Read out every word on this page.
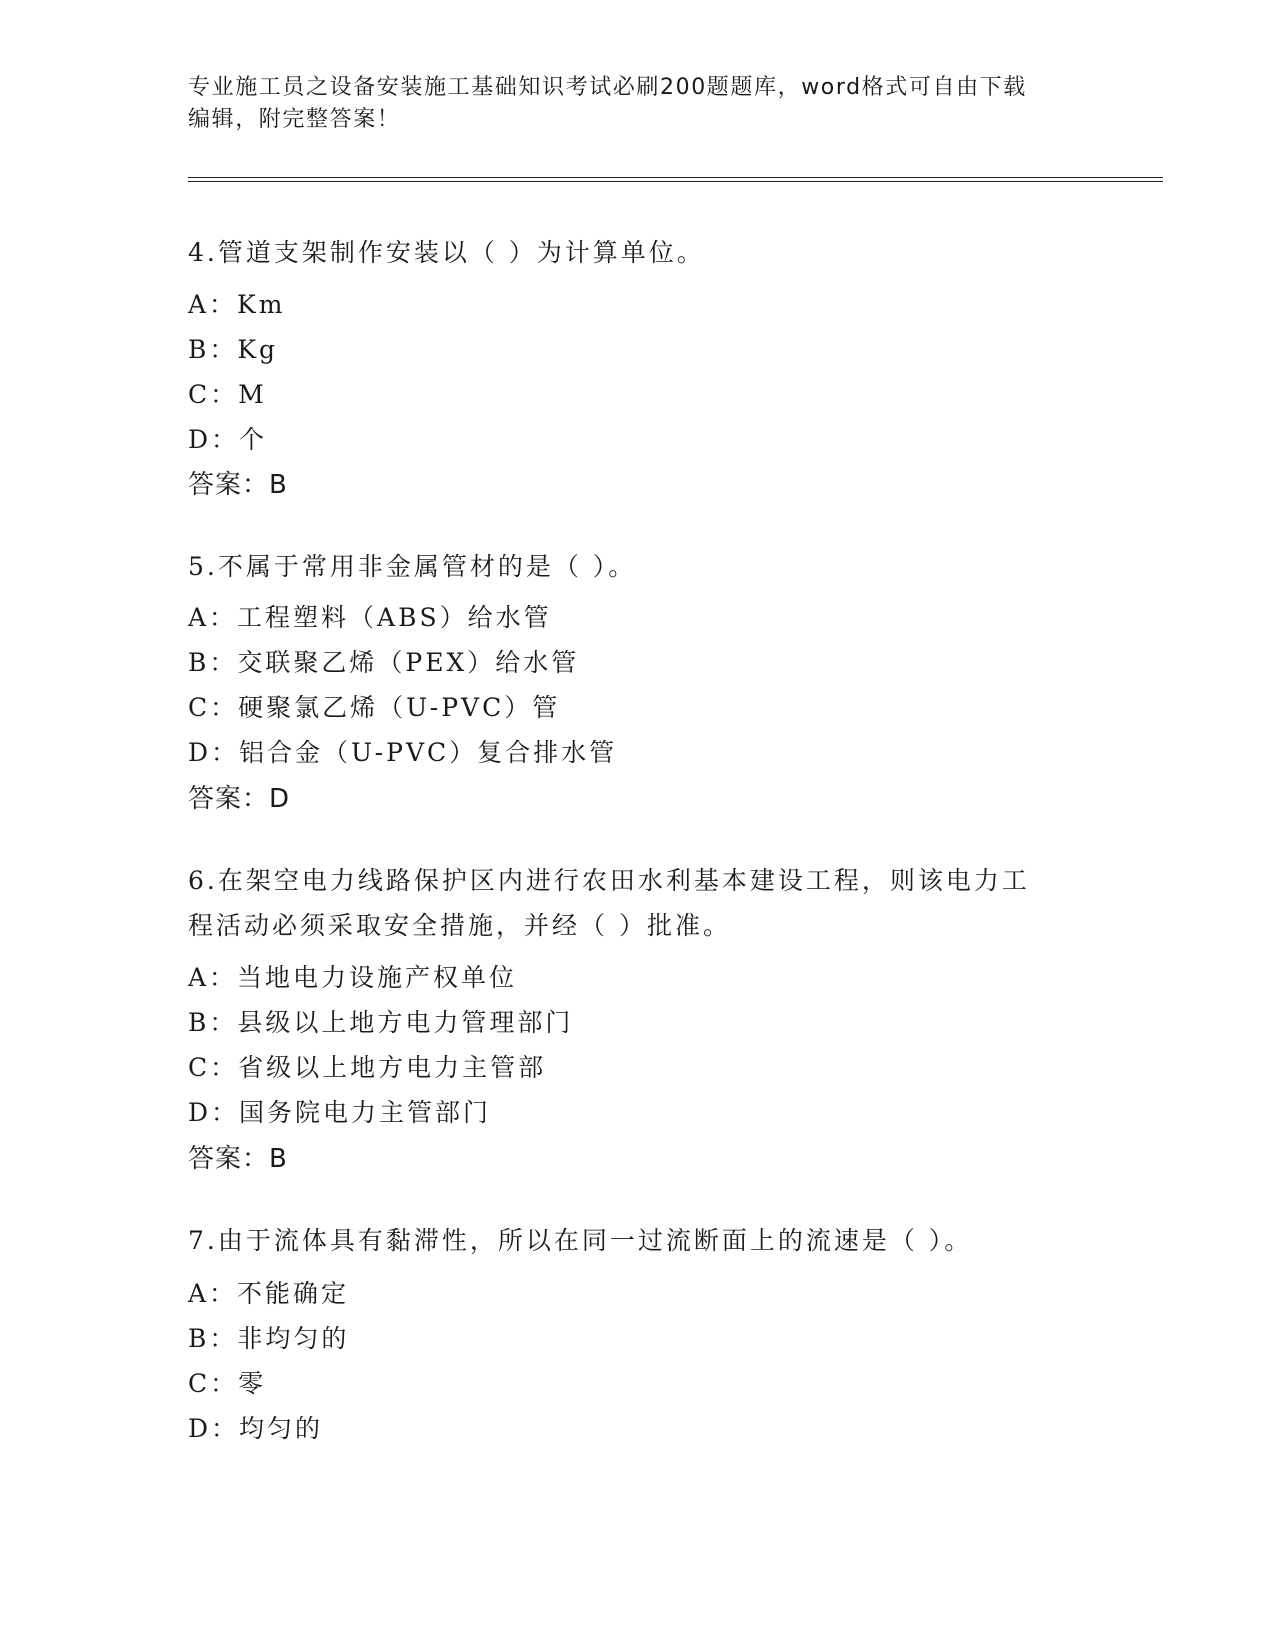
专业施工员之设备安装施工基础知识考试必刷200题题库，word格式可自由下载
编辑，附完整答案！
4.管道支架制作安装以（ ）为计算单位。
A：Km
B：Kg
C：M
D：个
答案：B
5.不属于常用非金属管材的是（ ）。
A：工程塑料（ABS）给水管
B：交联聚乙烯（PEX）给水管
C：硬聚氯乙烯（U-PVC）管
D：铝合金（U-PVC）复合排水管
答案：D
6.在架空电力线路保护区内进行农田水利基本建设工程，则该电力工
程活动必须采取安全措施，并经（ ）批准。
A：当地电力设施产权单位
B：县级以上地方电力管理部门
C：省级以上地方电力主管部
D：国务院电力主管部门
答案：B
7.由于流体具有黏滞性，所以在同一过流断面上的流速是（ ）。
A：不能确定
B：非均匀的
C：零
D：均匀的
